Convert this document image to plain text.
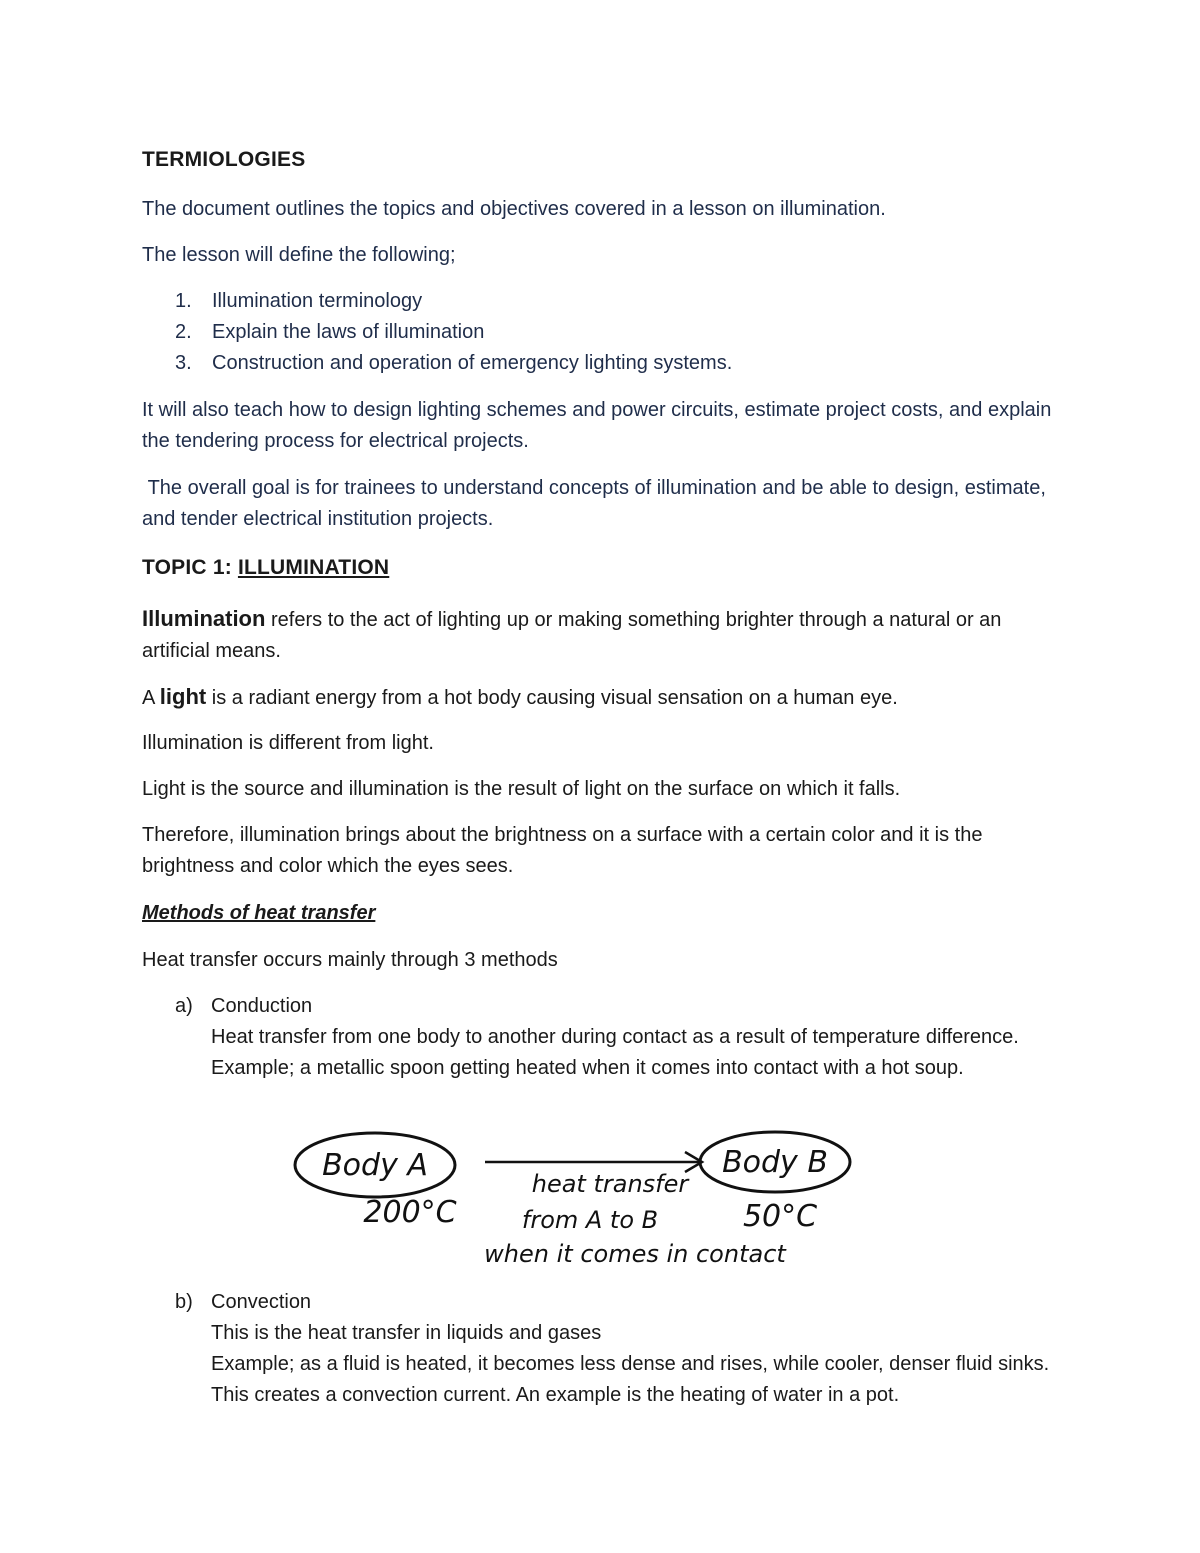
TERMIOLOGIES
The document outlines the topics and objectives covered in a lesson on illumination.
The lesson will define the following;
1.	Illumination terminology
2.	Explain the laws of illumination
3.	Construction and operation of emergency lighting systems.
It will also teach how to design lighting schemes and power circuits, estimate project costs, and explain the tendering process for electrical projects.
The overall goal is for trainees to understand concepts of illumination and be able to design, estimate, and tender electrical institution projects.
TOPIC 1: ILLUMINATION
Illumination refers to the act of lighting up or making something brighter through a natural or an artificial means.
A light is a radiant energy from a hot body causing visual sensation on a human eye.
Illumination is different from light.
Light is the source and illumination is the result of light on the surface on which it falls.
Therefore, illumination brings about the brightness on a surface with a certain color and it is the brightness and color which the eyes sees.
Methods of heat transfer
Heat transfer occurs mainly through 3 methods
a) Conduction
Heat transfer from one body to another during contact as a result of temperature difference.
Example; a metallic spoon getting heated when it comes into contact with a hot soup.
Body A
200°C
heat transfer
from A to B
when it comes in contact
Body B
50°C
b) Convection
This is the heat transfer in liquids and gases
Example; as a fluid is heated, it becomes less dense and rises, while cooler, denser fluid sinks. This creates a convection current. An example is the heating of water in a pot.
